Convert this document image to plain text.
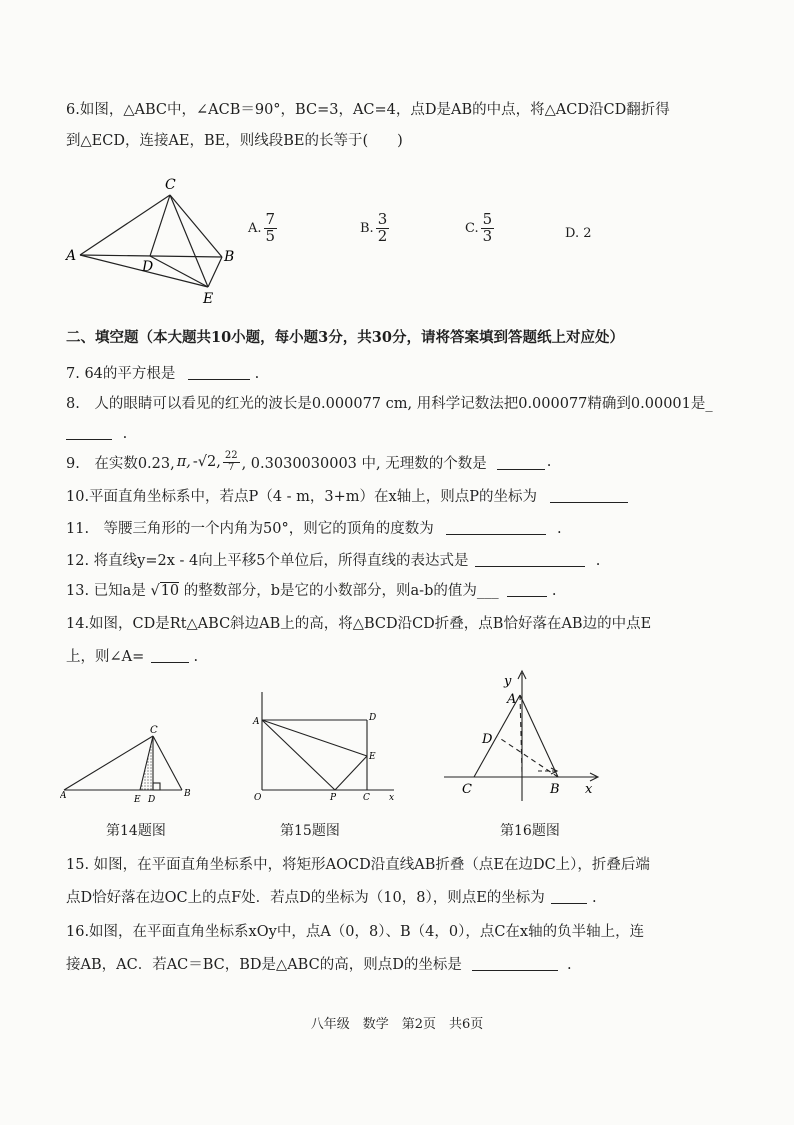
6.如图，△ABC中，∠ACB＝90°，BC=3，AC=4，点D是AB的中点，将△ACD沿CD翻折得
到△ECD，连接AE，BE，则线段BE的长等于(　　)
C
A
D
B
E
A. $\frac{7}{5}$	B. $\frac{3}{2}$	C. $\frac{5}{3}$	D. 2
二、填空题（本大题共10小题，每小题3分，共30分，请将答案填到答题纸上对应处）
7. 64的平方根是	.
8.　人的眼睛可以看见的红光的波长是0.000077 cm, 用科学记数法把0.000077精确到0.00001是_
.
9.　在实数0.23, π, -√2, $\frac{22}{7}$ , 0.3030030003 中, 无理数的个数是	.
10.平面直角坐标系中，若点P（4 - m，3+m）在x轴上，则点P的坐标为
11.　等腰三角形的一个内角为50°，则它的顶角的度数为	.
12. 将直线y=2x - 4向上平移5个单位后，所得直线的表达式是	.
13. 已知a是 √10 的整数部分，b是它的小数部分，则a-b的值为___	.
14.如图，CD是Rt△ABC斜边AB上的高，将△BCD沿CD折叠，点B恰好落在AB边的中点E
上，则∠A=	.
C
A	E D
B
第14题图
A	D
E
O	P	C x
第15题图
y
A
D
C	B x
第16题图
15. 如图，在平面直角坐标系中，将矩形AOCD沿直线AB折叠（点E在边DC上），折叠后端
点D恰好落在边OC上的点F处．若点D的坐标为（10，8），则点E的坐标为	.
16.如图，在平面直角坐标系xOy中，点A（0，8）、B（4，0），点C在x轴的负半轴上，连
接AB，AC．若AC＝BC，BD是△ABC的高，则点D的坐标是	.
八年级　数学　第2页　共6页
